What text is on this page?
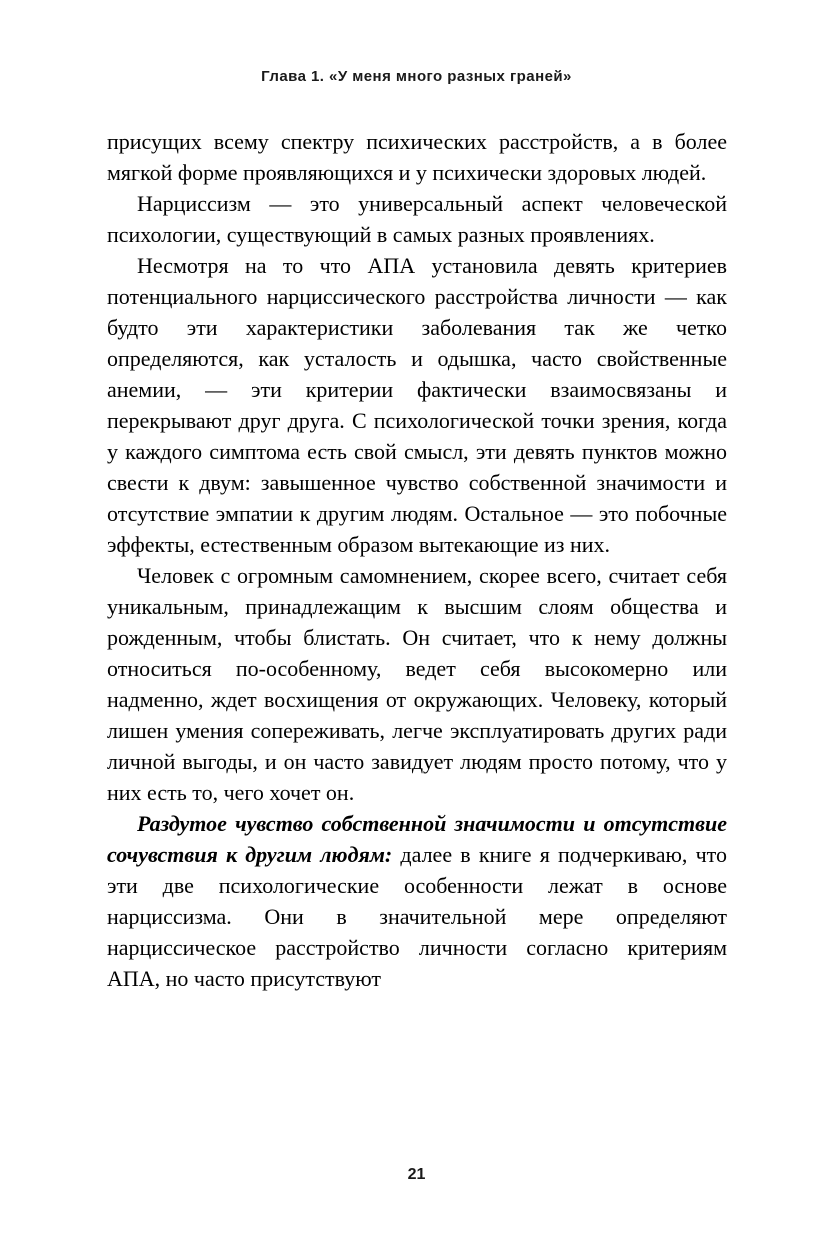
Глава 1. «У меня много разных граней»

присущих всему спектру психических расстройств, а в более мягкой форме проявляющихся и у психически здоровых людей.

Нарциссизм — это универсальный аспект человеческой психологии, существующий в самых разных проявлениях.

Несмотря на то что АПА установила девять критериев потенциального нарциссического расстройства личности — как будто эти характеристики заболевания так же четко определяются, как усталость и одышка, часто свойственные анемии, — эти критерии фактически взаимосвязаны и перекрывают друг друга. С психологической точки зрения, когда у каждого симптома есть свой смысл, эти девять пунктов можно свести к двум: завышенное чувство собственной значимости и отсутствие эмпатии к другим людям. Остальное — это побочные эффекты, естественным образом вытекающие из них.

Человек с огромным самомнением, скорее всего, считает себя уникальным, принадлежащим к высшим слоям общества и рожденным, чтобы блистать. Он считает, что к нему должны относиться по-особенному, ведет себя высокомерно или надменно, ждет восхищения от окружающих. Человеку, который лишен умения сопереживать, легче эксплуатировать других ради личной выгоды, и он часто завидует людям просто потому, что у них есть то, чего хочет он.

Раздутое чувство собственной значимости и отсутствие сочувствия к другим людям: далее в книге я подчеркиваю, что эти две психологические особенности лежат в основе нарциссизма. Они в значительной мере определяют нарциссическое расстройство личности согласно критериям АПА, но часто присутствуют

21
